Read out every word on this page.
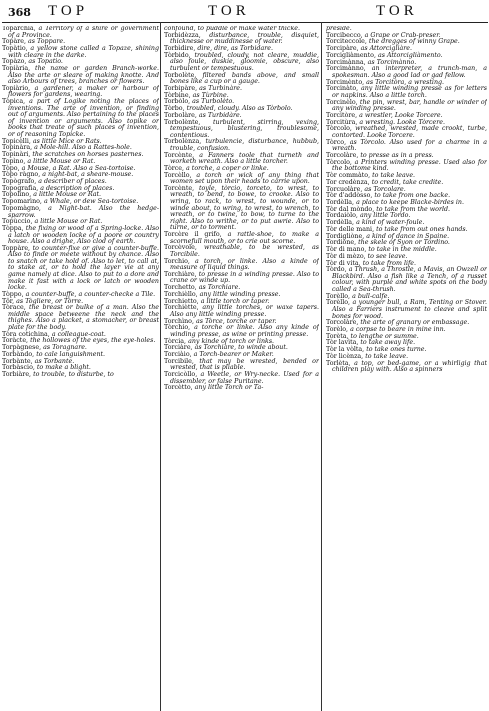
368 TOP	TOR	TOR

Toparchia, a Territory of a shire or government of a Province.

Topàre, as Toppare.

Topàtio, a yellow stone called a Topaze, shining with cleare in the darke.

Topàzo, as Topatio.

Topiària, the name or garden Branch-worke. Also the arte or sleare of making knotte. And also Arbours of trees, branches or flowers.

Topiàrio, a gardener, a maker or harbour of flowers for gardens, wearing.

Tòpica, a part of Logike noting the places of inventions. The arte of invention, or finding out of arguments. Also pertaining to the places of invention or arguments. Also topike or books that treate of such places of invention, or of reasoning Topicke.

Topicèlli, as little Mice or Rats.

Topinàra, a Mole-hill. Also a Rattes-hole.

Topinàri, the scratches on horses pasternes.

Topìno, a little Mouse or Rat.

Tòpo, a Mouse, a Rat. Also a Sea-tortoise.

Tòpo ràgno, a night-bat, a sheare-mouse.

Topògrafo, a describer of places.

Topografìa, a description of places.

Topolìno, a little Mouse or Rat.

Topomarìno, a Whale, or dew Sea-tortoise.

Topomàgno, a Night-bat. Also the hedge-sparrow.

Topùccio, a little Mouse or Rat.

Tòppa, the fixing or wood of a Spring-locke. Also a latch or wooden locke of a poore or country house. Also a drighe, Also clod of earth.

Toppàre, to counter-fixe or give a counter-buffe. Also to finde or meete without by chance. Also to snatch or take hold of. Also to let, to call at, to stake at, or to hold the layer vie at any game namely at dice. Also to put to a dore and make it fast with a lock or latch or wooden locke.

Tòppo, a counter-buffe, a counter-checke a Tile.

Tôr, as Tògliere, or Tòrre.

Tòrace, the breast or bulke of a man. Also the middle space betweene the neck and the thighes. Also a placket, a stomacher, or breast plate for the body.

Tòra cotichina, a colleague-coat.

Toràcte, the hollowes of the eyes, the eye-holes.

Torpàgnese, as Toragnare.

Torbàndo, to cale languishment.

Torbànte, as Torbante.

Torbàscio, to make a blight.

Torbiàre, to trouble, to disturbe, to

confound, to puddle or make water thicke.

Torbidèzza, disturbance, trouble, disquiet, thicknesse or muddinesse of water.

Torbìdire, dire, dire, as Torbidare.

Tòrbido, troubled, cloudy, not cleare, muddie, also foule, duskie, gloomie, obscure, also turbulent or tempestuous.

Torbolète, filtered bands above, and small bones like a cup or a gauge.

Torbipàre, as Turbinàre.

Tòrbine, as Tùrbine.

Torbòlo, as Turbolèto.

Tòrbo, troubled, cloudy. Also as Tòrbolo.

Torbolàre, as Turbidàre.

Torbolènte, turbulent, stirring, vexing, tempestuous, blustering, troublesome, contentious.

Torbolènza, turbulencie, disturbance, hubbub, trouble, confusion.

Torcènte, a Fanners toole that turneth and worketh wreath. Also a little torcher.

Tòrce, a torche, a coper or linke.

Torcèllo, a torch or wick of any thing that women set upon their heads to carrie upon.

Torcènte, toyle, tòrcio, torceto, to wrest, to wreath, to bend, to bowe, to crooke. Also to wring, to rack, to wrest, to wounde, or to winde about, to wring, to wrest, to wrench, to wreath, or to twine, to bow, to turne to the right. Also to writhe, or to put awrie. Also to turne, or to torment.

Torcère il grifo, a rattle-shoe, to make a scornefull mouth, or to crie out scorne.

Torcèvole, wreathable, to be wrested, as Torcibile.

Torchio, a torch, or linke. Also a kinde of measure of liquid things.

Torchiàre, to presse in a winding presse. Also to crane or winde up.

Torchetto, as Torchiare.

Torchièllo, any little winding presse.

Torchietto, a little torch or taper.

Torchiètte, any little torches, or waxe tapers. Also any little winding presse.

Torchìno, as Tòrce, torche or taper.

Tòrchio, a torche or linke. Also any kinde of winding presse, as wine or printing presse.

Tòrcia, any kinde of torch or links.

Torciàre, as Torchiàre, to winde about.

Torciàio, a Torch-bearer or Maker.

Torcibile, that may be wrested, bended or wrested, that is pliable.

Torcicòllo, a Weetle, or Wry-necke. Used for a dissembler, or false Puritane.

Torcètto, any little Torch or Ta-

preside.

Torcibecco, a Grape or Crab-preser.

Torciteccole, the dregges of winny Grape.

Torcipàre, as Attorcigliàre.

Torcigliàmento, as Attorcigliàmento.

Torcimànna, as Torcimànno.

Torcimànno, an interpreter, a trunch-man, a spokesman. Also a good lad or gad fellow.

Torcimènto, as Torcitòra, a wresting.

Torcinàto, any little winding presse as for letters or napkins. Also a little torch.

Torcinèlo, the pin, wrest, bar, handle or winder of any winding presse.

Torcitòre, a wrestler, Looke Torcere.

Torcitùra, a wresting. Looke Tòrcere.

Tòrcolo, wreathed, wrested, made crookt, turbe, contorted. Looke Torcere.

Tòrco, as Tòrcolo. Also used for a charme in a wreath.

Torcolàre, to presse as in a press.

Tòrcolo, a Printers winding presse. Used also for the bottome kind.

Tòr commàto, to take leave.

Tor credènza, to credit, take credite.

Torcuolàre, as Torcolare.

Tòr d'addòsso, to take from one backe.

Tordèlla, a place to keepe Blacke-birdes in.

Tòr dal mòndo, to take from the world.

Tordaiòlo, any little Tordo.

Tordèlla, a kind of water-foule.

Tòr delle mani, to take from out ones hands.

Tordigliòne, a kind of dance in Spaine.

Tordiòne, the skele of Syon or Tordino.

Tòr di mano, to take in the middle.

Tòr di mèzo, to see leave.

Tòr di vita, to take from life.

Tòrdo, a Thrush, a Throstle, a Mavis, an Owzell or Blackbird. Also a fish like a Tench, of a russet colour, with purple and white spots on the body called a Sea-thrush.

Torèllo, a bull-calfe.

Torèllo, a younger bull, a Ram, Tenting or Stover. Also a Farriers instrument to cleave and split bones for wood.

Torcolàre, the arte of granary or embassage.

Torèlo, a corpse to beare in mine inn.

Torèta, to lengthe or summe.

Tòr lavìta, to take away life.

Tòr la vòlta, to take ones turne.

Tòr licènza, to take leave.

Torlèta, a top, or bed-game, or a whirligig that children play with. Also a spinners
